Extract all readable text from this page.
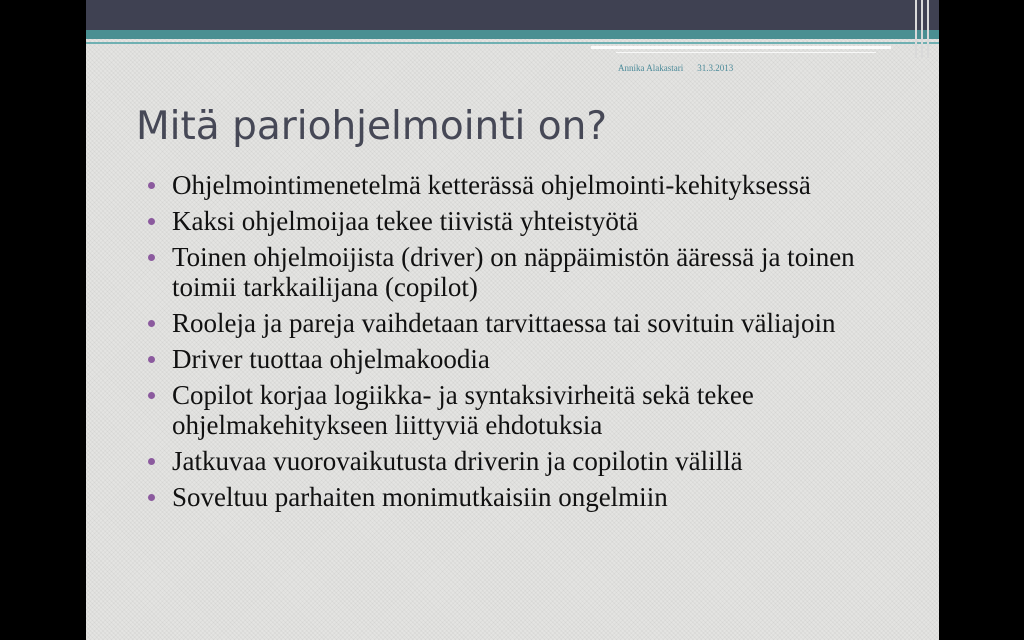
Annika Alakastari 31.3.2013
Mitä pariohjelmointi on?
Ohjelmointimenetelmä ketterässä ohjelmointi-kehityksessä
Kaksi ohjelmoijaa tekee tiivistä yhteistyötä
Toinen ohjelmoijista (driver) on näppäimistön ääressä ja toinen toimii tarkkailijana (copilot)
Rooleja ja pareja vaihdetaan tarvittaessa tai sovituin väliajoin
Driver tuottaa ohjelmakoodia
Copilot korjaa logiikka- ja syntaksivirheitä sekä tekee ohjelmakehitykseen liittyviä ehdotuksia
Jatkuvaa vuorovaikutusta driverin ja copilotin välillä
Soveltuu parhaiten monimutkaisiin ongelmiin
